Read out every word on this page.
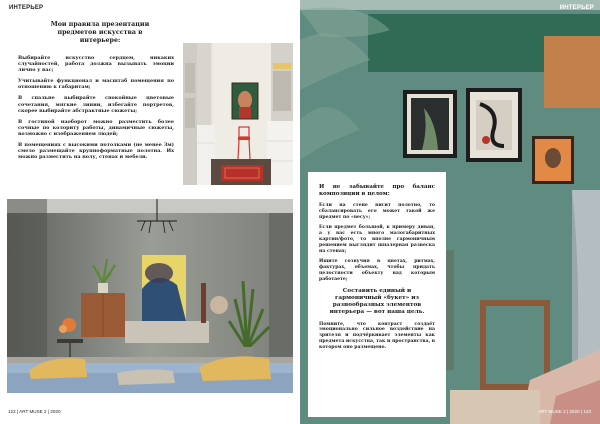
ИНТЕРЬЕР
Мои правила презентации предметов искусства в интерьере:

Выбирайте искусство сердцем, никаких случайностей, работа должна вызывать эмоции лично у вас;

Учитывайте функционал и масштаб помещения по отношению к габаритам;

В спальне выбирайте спокойные цветовые сочетания, мягкие линии, избегайте портретов, скорее выбирайте абстрактные сюжеты;

В гостиной наоборот можно разместить более сочные по колориту работы, динамичные сюжеты, возможно с изображением людей;

В помещениях с высокими потолками (не менее 3м) смело размещайте крупноформатные полотна. Их можно разместить на полу, стенах и мебели.

122 | ART MUSE 2 | 2020
ИНТЕРЬЕР
ART MUSE 2 | 2020 | 123
И не забывайте про баланс композиции в целом:

Если на стене висит полотно, то сбалансировать его может такой же предмет по «весу»;

Если предмет большой, к примеру диван, а у вас есть много малогабаритных картин/фото, то вполне гармоничным решением выглядит шпалерная развеска на стенах;

Ищите созвучия в цветах, ритмах, фактурах, объемах, чтобы придать целостности объекту над которым работаете;

Составить единый и гармоничный «букет» из разнообразных элементов интерьера — вот наша цель.

Помните, что контраст создаёт эмоционально сильное воздействие на зрителя и подчёркивает элементы как предмета искусства, так и пространства, в котором оно размещено.
